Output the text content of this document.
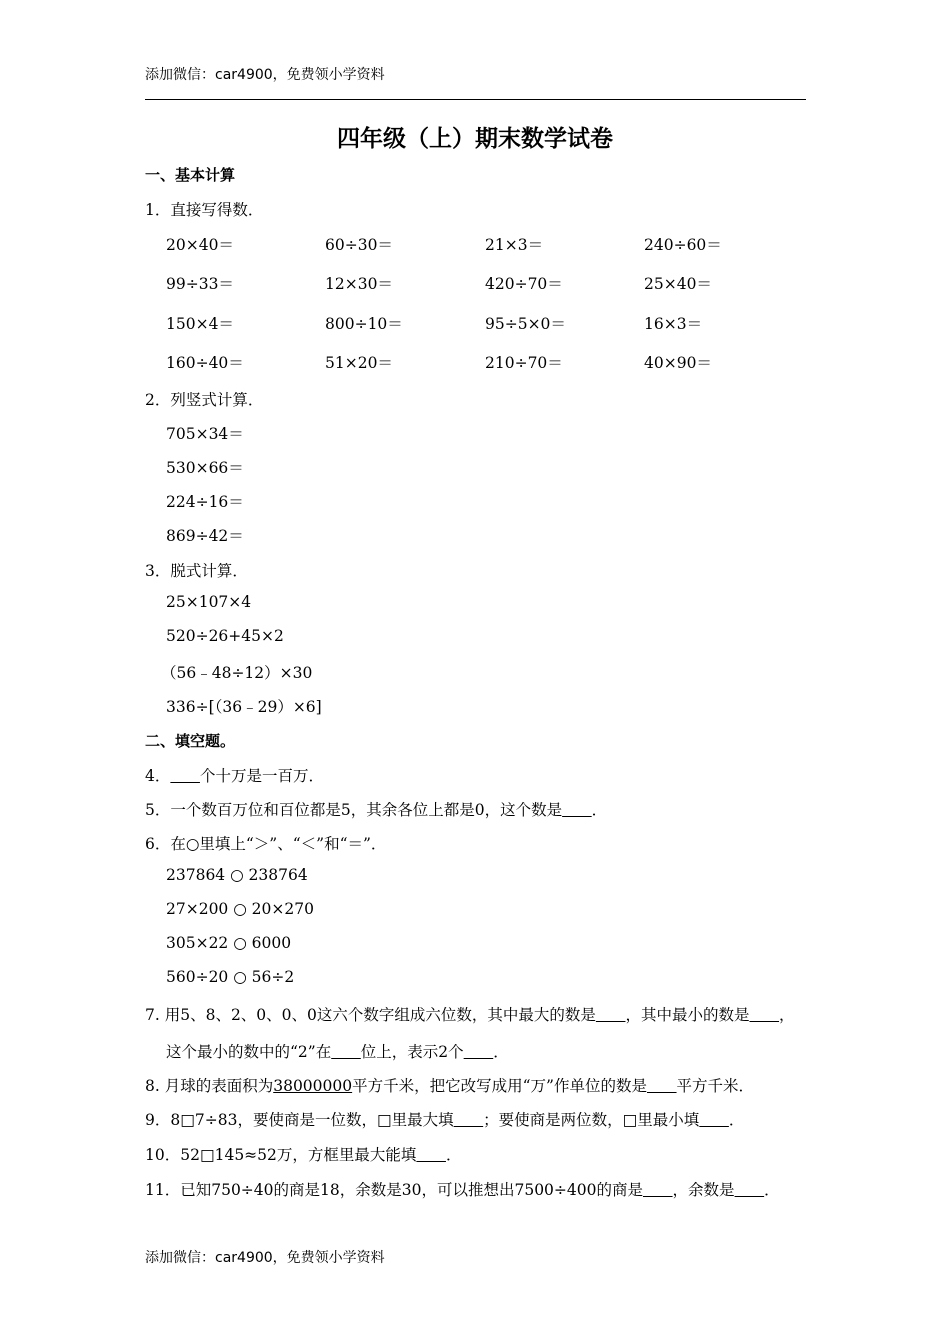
添加微信：car4900，免费领小学资料
四年级（上）期末数学试卷
一、基本计算
1．直接写得数．
20×40＝	60÷30＝	21×3＝	240÷60＝
99÷33＝	12×30＝	420÷70＝	25×40＝
150×4＝	800÷10＝	95÷5×0＝	16×3＝
160÷40＝	51×20＝	210÷70＝	40×90＝
2．列竖式计算．
705×34＝
530×66＝
224÷16＝
869÷42＝
3．脱式计算．
25×107×4
520÷26+45×2
（56﹣48÷12）×30
336÷[（36﹣29）×6]
二、填空题。
4． 个十万是一百万．
5．一个数百万位和百位都是5，其余各位上都是0，这个数是 ．
6．在○里填上“＞”、“＜”和“＝”．
237864 ○ 238764
27×200 ○ 20×270
305×22 ○ 6000
560÷20 ○ 56÷2
7. 用5、8、2、0、0、0这六个数字组成六位数，其中最大的数是 ，其中最小的数是 ，
这个最小的数中的“2”在 位上，表示2个 ．
8. 月球的表面积为38000000平方千米，把它改写成用“万”作单位的数是 平方千米．
9．8□7÷83，要使商是一位数，□里最大填 ；要使商是两位数，□里最小填 ．
10．52□145≈52万，方框里最大能填 ．
11．已知750÷40的商是18，余数是30，可以推想出7500÷400的商是 ，余数是 ．
添加微信：car4900，免费领小学资料
